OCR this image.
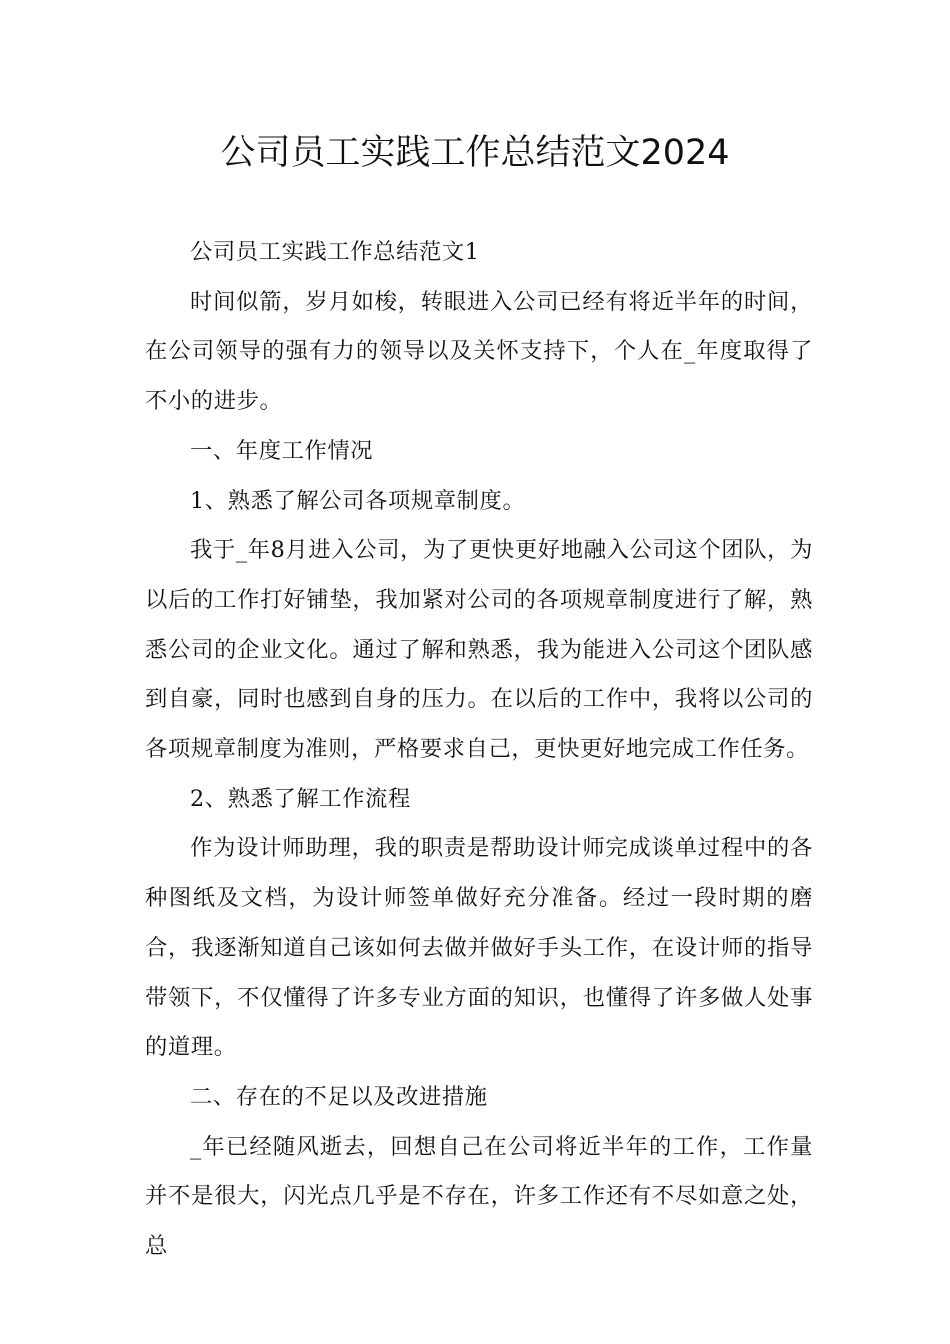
公司员工实践工作总结范文2024

公司员工实践工作总结范文1

时间似箭，岁月如梭，转眼进入公司已经有将近半年的时间，在公司领导的强有力的领导以及关怀支持下，个人在_年度取得了不小的进步。

一、年度工作情况

1、熟悉了解公司各项规章制度。

我于_年8月进入公司，为了更快更好地融入公司这个团队，为以后的工作打好铺垫，我加紧对公司的各项规章制度进行了解，熟悉公司的企业文化。通过了解和熟悉，我为能进入公司这个团队感到自豪，同时也感到自身的压力。在以后的工作中，我将以公司的各项规章制度为准则，严格要求自己，更快更好地完成工作任务。

2、熟悉了解工作流程

作为设计师助理，我的职责是帮助设计师完成谈单过程中的各种图纸及文档，为设计师签单做好充分准备。经过一段时期的磨合，我逐渐知道自己该如何去做并做好手头工作，在设计师的指导带领下，不仅懂得了许多专业方面的知识，也懂得了许多做人处事的道理。

二、存在的不足以及改进措施

_年已经随风逝去，回想自己在公司将近半年的工作，工作量并不是很大，闪光点几乎是不存在，许多工作还有不尽如意之处，总
